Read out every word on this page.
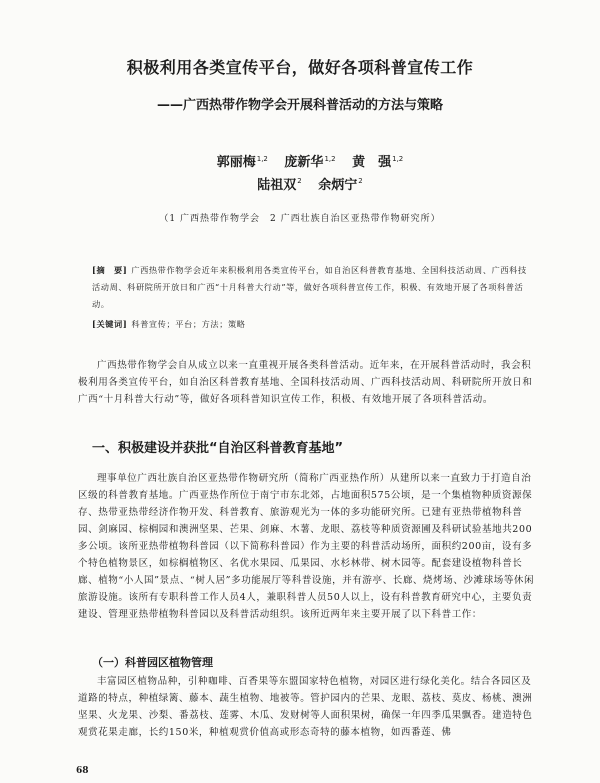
积极利用各类宣传平台，做好各项科普宣传工作
——广西热带作物学会开展科普活动的方法与策略
郭丽梅$^{1,2}$ 庞新华$^{1,2}$ 黄　强$^{1,2}$
陆祖双$^2$ 余炳宁$^2$
（1 广西热带作物学会　2 广西壮族自治区亚热带作物研究所）
[摘　要] 广西热带作物学会近年来积极利用各类宣传平台，如自治区科普教育基地、全国科技活动周、广西科技活动周、科研院所开放日和广西“十月科普大行动”等，做好各项科普宣传工作，积极、有效地开展了各项科普活动。
[关键词] 科普宣传；平台；方法；策略

广西热带作物学会自从成立以来一直重视开展各类科普活动。近年来，在开展科普活动时，我会积极利用各类宣传平台，如自治区科普教育基地、全国科技活动周、广西科技活动周、科研院所开放日和广西“十月科普大行动”等，做好各项科普知识宣传工作，积极、有效地开展了各项科普活动。

一、积极建设并获批“自治区科普教育基地”

理事单位广西壮族自治区亚热带作物研究所（简称广西亚热作所）从建所以来一直致力于打造自治区级的科普教育基地。广西亚热作所位于南宁市东北郊，占地面积575公顷，是一个集植物种质资源保存、热带亚热带经济作物开发、科普教育、旅游观光为一体的多功能研究所。已建有亚热带植物科普园、剑麻园、棕榈园和澳洲坚果、芒果、剑麻、木薯、龙眼、荔枝等种质资源圃及科研试验基地共200多公顷。该所亚热带植物科普园（以下简称科普园）作为主要的科普活动场所，面积约200亩，设有多个特色植物景区，如棕榈植物区、名优水果园、瓜果园、水杉林带、树木园等。配套建设植物科普长廊、植物“小人国”景点、“树人居”多功能展厅等科普设施，并有游亭、长廊、烧烤场、沙滩球场等休闲旅游设施。该所有专职科普工作人员4人，兼职科普人员50人以上，设有科普教育研究中心，主要负责建设、管理亚热带植物科普园以及科普活动组织。该所近两年来主要开展了以下科普工作：

（一）科普园区植物管理

丰富园区植物品种，引种咖啡、百香果等东盟国家特色植物，对园区进行绿化美化。结合各园区及道路的特点，种植绿篱、藤本、蔬生植物、地被等。管护园内的芒果、龙眼、荔枝、莫皮、杨桃、澳洲坚果、火龙果、沙梨、番荔枝、莲雾、木瓜、发财树等人面积果树，确保一年四季瓜果飘香。建造特色观赏花果走廊，长约150米，种植观赏价值高或形态奇特的藤本植物，如西番莲、佛

68
